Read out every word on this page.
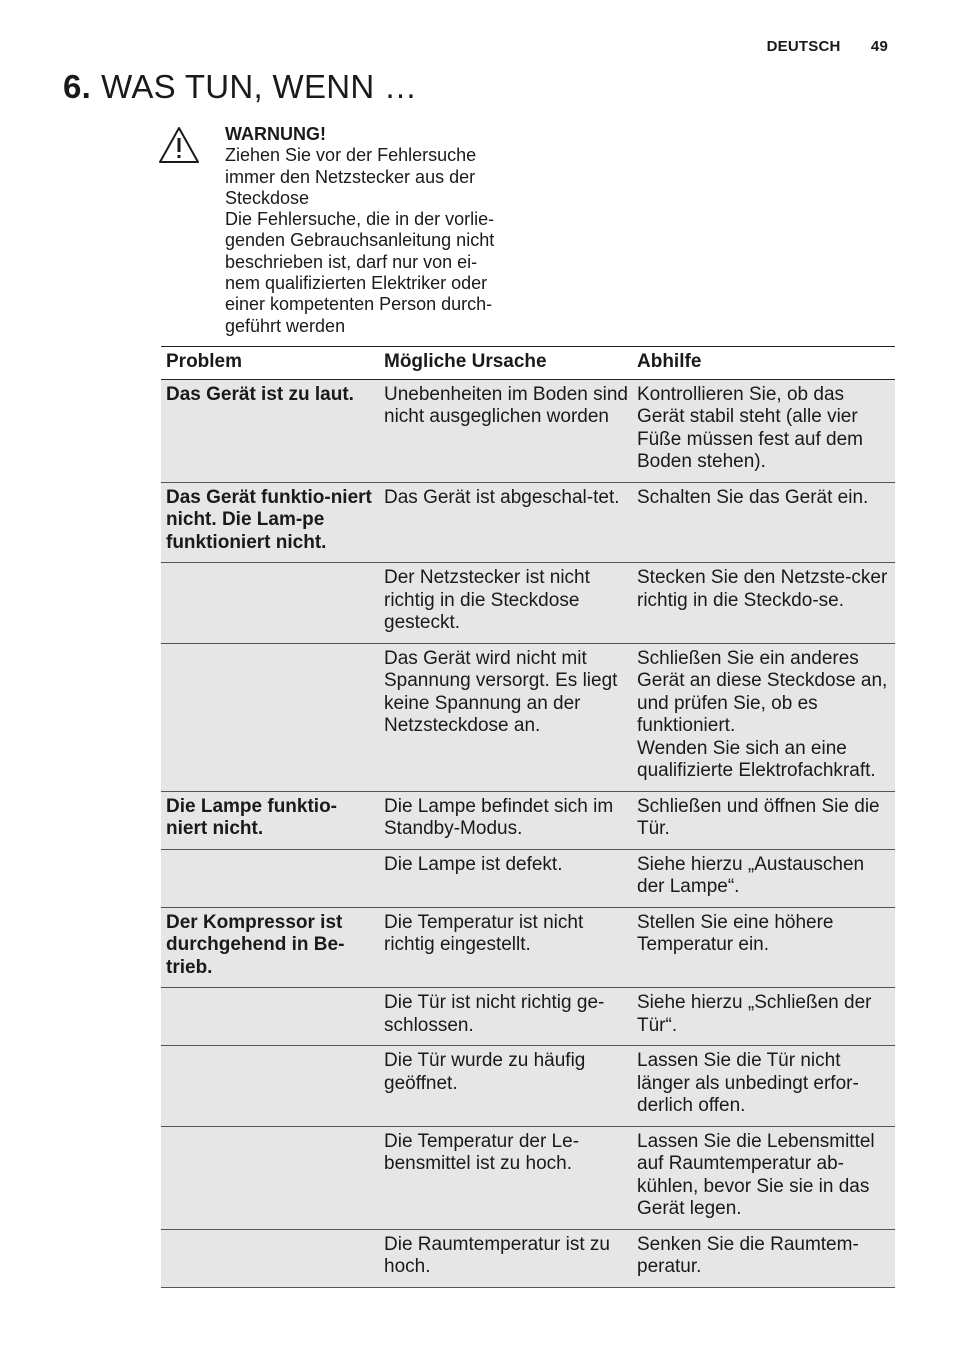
DEUTSCH 49
6. WAS TUN, WENN …

WARNUNG!

Ziehen Sie vor der Fehlersuche

immer den Netzstecker aus der

Steckdose

Die Fehlersuche, die in der vorlie-

genden Gebrauchsanleitung nicht

beschrieben ist, darf nur von ei-

nem qualifizierten Elektriker oder

einer kompetenten Person durch-

geführt werden

Problem	Mögliche Ursache	Abhilfe
Das Gerät ist zu laut.	Unebenheiten im Boden sind nicht ausgeglichen worden	Kontrollieren Sie, ob das Gerät stabil steht (alle vier Füße müssen fest auf dem Boden stehen).
Das Gerät funktio-niert nicht. Die Lam-pe funktioniert nicht.	Das Gerät ist abgeschal-tet.	Schalten Sie das Gerät ein.
	Der Netzstecker ist nicht richtig in die Steckdose gesteckt.	Stecken Sie den Netzste-cker richtig in die Steckdo-se.
	Das Gerät wird nicht mit Spannung versorgt. Es liegt keine Spannung an der Netzsteckdose an.	Schließen Sie ein anderes Gerät an diese Steckdose an, und prüfen Sie, ob es funktioniert.
Wenden Sie sich an eine qualifizierte Elektrofachkraft.

Die Lampe funktio-niert nicht.	Die Lampe befindet sich im Standby-Modus.	Schließen und öffnen Sie die Tür.
	Die Lampe ist defekt.	Siehe hierzu „Austauschen der Lampe“.
Der Kompressor ist durchgehend in Be-trieb.	Die Temperatur ist nicht richtig eingestellt.	Stellen Sie eine höhere Temperatur ein.
	Die Tür ist nicht richtig ge-schlossen.	Siehe hierzu „Schließen der Tür“.
	Die Tür wurde zu häufig geöffnet.	Lassen Sie die Tür nicht länger als unbedingt erfor-derlich offen.
	Die Temperatur der Le-bensmittel ist zu hoch.	Lassen Sie die Lebensmittel auf Raumtemperatur ab-kühlen, bevor Sie sie in das Gerät legen.
	Die Raumtemperatur ist zu hoch.	Senken Sie die Raumtem-peratur.
